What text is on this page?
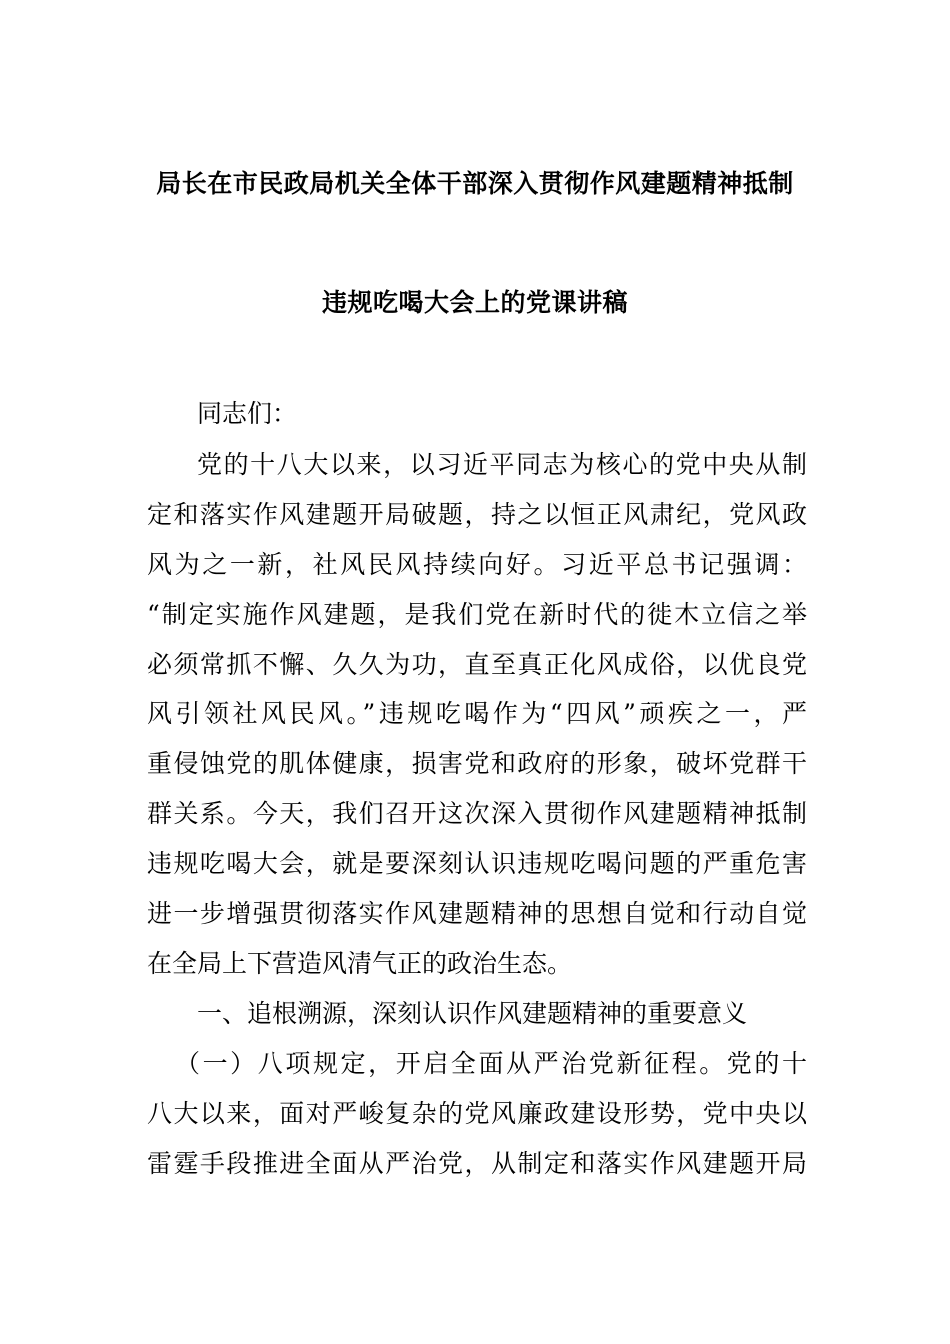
局长在市民政局机关全体干部深入贯彻作风建题精神抵制
违规吃喝大会上的党课讲稿
同志们：
党的十八大以来，以习近平同志为核心的党中央从制
定和落实作风建题开局破题，持之以恒正风肃纪，党风政
风为之一新，社风民风持续向好。习近平总书记强调：
“制定实施作风建题，是我们党在新时代的徙木立信之举
必须常抓不懈、久久为功，直至真正化风成俗，以优良党
风引领社风民风。”违规吃喝作为“四风”顽疾之一，严
重侵蚀党的肌体健康，损害党和政府的形象，破坏党群干
群关系。今天，我们召开这次深入贯彻作风建题精神抵制
违规吃喝大会，就是要深刻认识违规吃喝问题的严重危害
进一步增强贯彻落实作风建题精神的思想自觉和行动自觉
在全局上下营造风清气正的政治生态。
一、追根溯源，深刻认识作风建题精神的重要意义
（一）八项规定，开启全面从严治党新征程。党的十
八大以来，面对严峻复杂的党风廉政建设形势，党中央以
雷霆手段推进全面从严治党，从制定和落实作风建题开局
